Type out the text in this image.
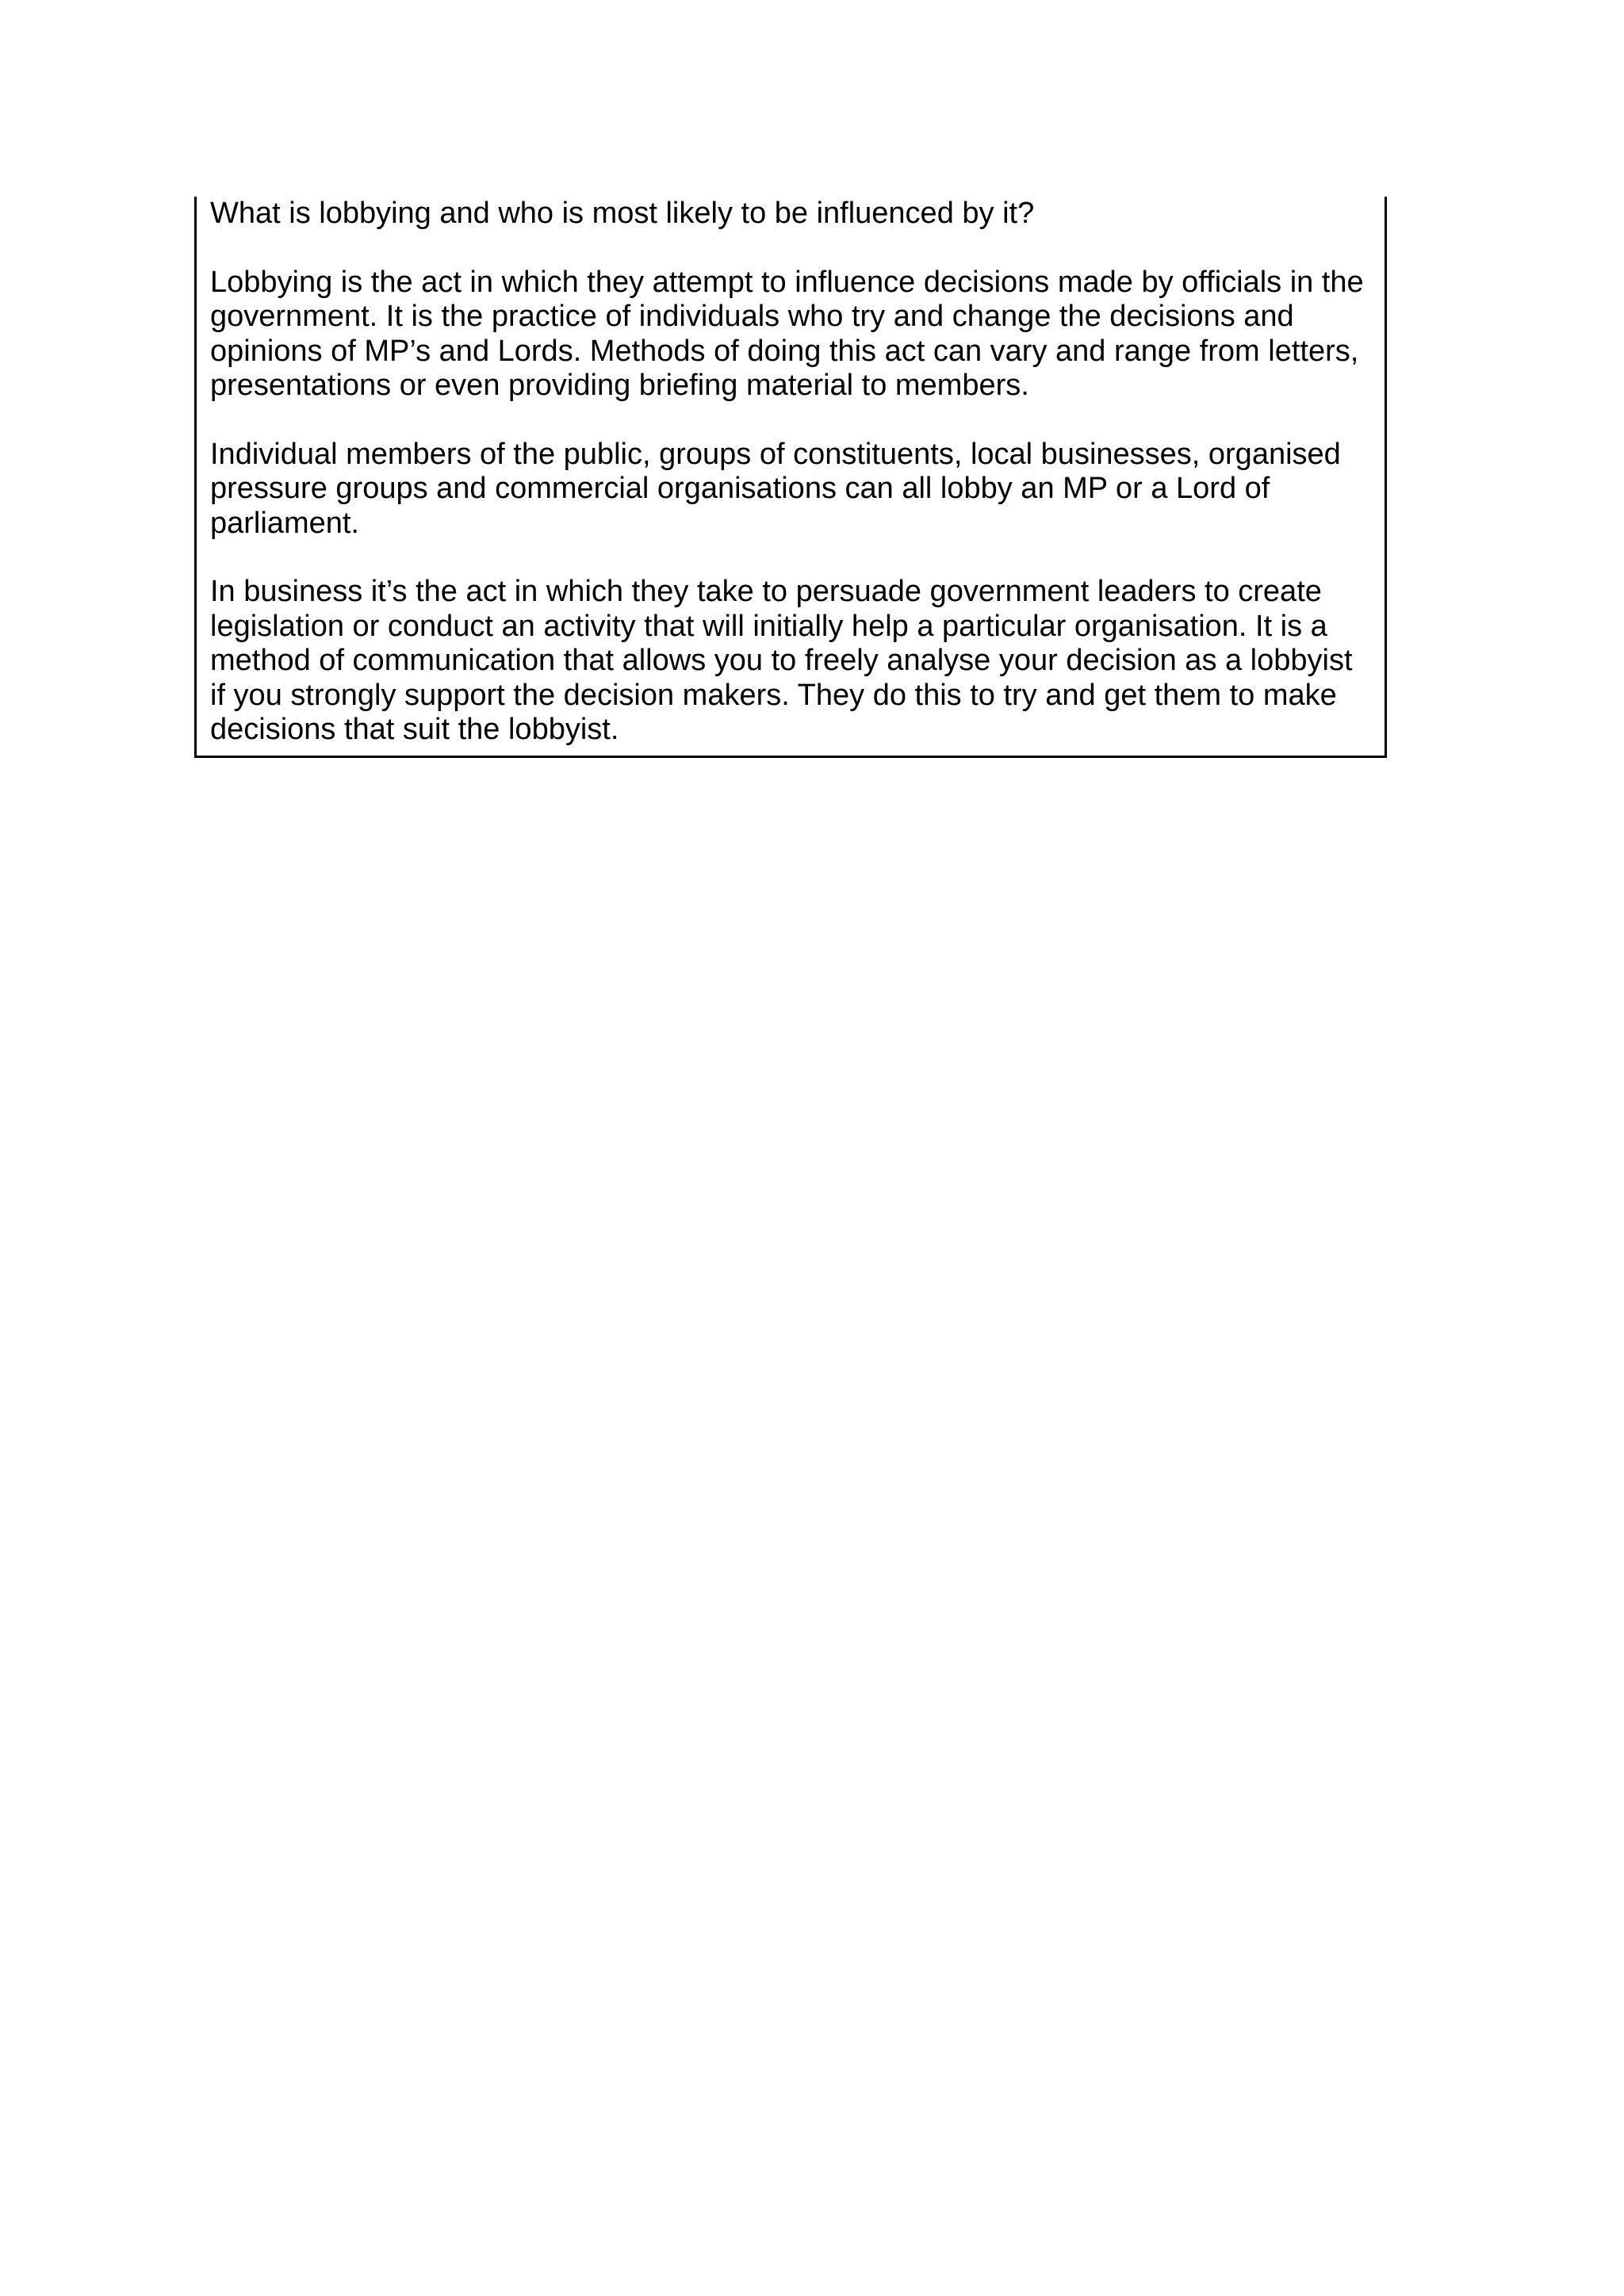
What is lobbying and who is most likely to be influenced by it?

Lobbying is the act in which they attempt to influence decisions made by officials in the government. It is the practice of individuals who try and change the decisions and opinions of MP’s and Lords. Methods of doing this act can vary and range from letters, presentations or even providing briefing material to members.

Individual members of the public, groups of constituents, local businesses, organised pressure groups and commercial organisations can all lobby an MP or a Lord of parliament.

In business it’s the act in which they take to persuade government leaders to create legislation or conduct an activity that will initially help a particular organisation. It is a method of communication that allows you to freely analyse your decision as a lobbyist if you strongly support the decision makers. They do this to try and get them to make decisions that suit the lobbyist.
